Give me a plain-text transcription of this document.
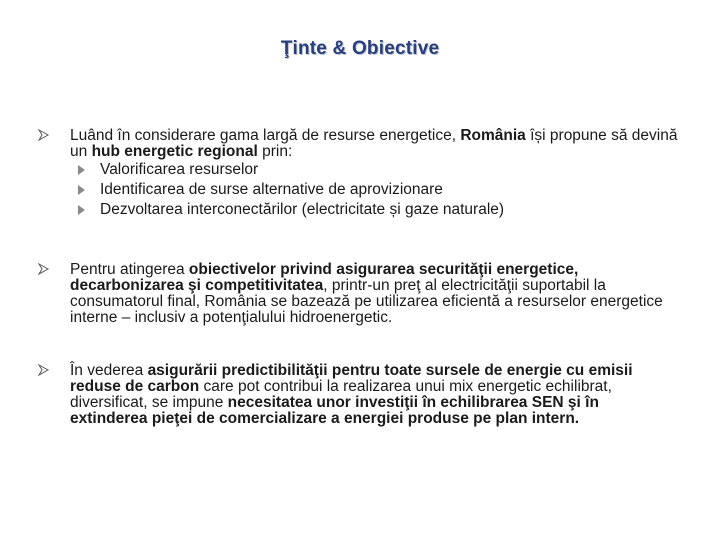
Ţinte & Obiective
Luând în considerare gama largă de resurse energetice, România își propune să devină un hub energetic regional prin:
Valorificarea resurselor
Identificarea de surse alternative de aprovizionare
Dezvoltarea interconectărilor (electricitate și gaze naturale)
Pentru atingerea obiectivelor privind asigurarea securităţii energetice, decarbonizarea şi competitivitatea, printr-un preţ al electricităţii suportabil la consumatorul final, România se bazează pe utilizarea eficientă a resurselor energetice interne – inclusiv a potenţialului hidroenergetic.
În vederea asigurării predictibilităţii pentru toate sursele de energie cu emisii reduse de carbon care pot contribui la realizarea unui mix energetic echilibrat, diversificat, se impune necesitatea unor investiţii în echilibrarea SEN şi în extinderea pieţei de comercializare a energiei produse pe plan intern.
